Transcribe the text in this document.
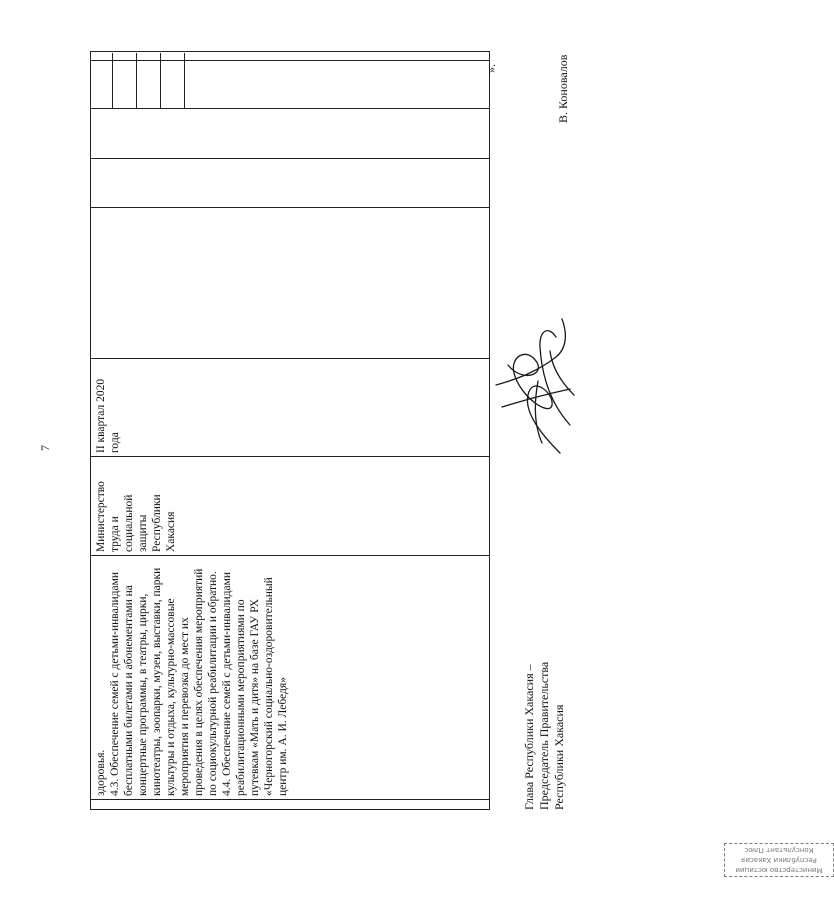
7
здоровья.
4.3. Обеспечение семей с детьми-инвалидами бесплатными билетами и абонементами на концертные программы, в театры, цирки, кинотеатры, зоопарки, музеи, выставки, парки культуры и отдыха, культурно-массовые мероприятия и перевозка до мест их проведения в целях обеспечения мероприятий по социокультурной реабилитации и обратно.
4.4. Обеспечение семей с детьми-инвалидами реабилитационными мероприятиями по путевкам «Мать и дитя» на базе ГАУ РХ «Черногорский социально-оздоровительный центр им. А. И. Лебедя»
Министерство труда и социальной защиты Республики Хакасия
II квартал 2020 года
».
Глава Республики Хакасия –
Председатель Правительства
Республики Хакасия
В. Коновалов
Министерство юстиции
Республики Хакасия
Консультант Плюс
